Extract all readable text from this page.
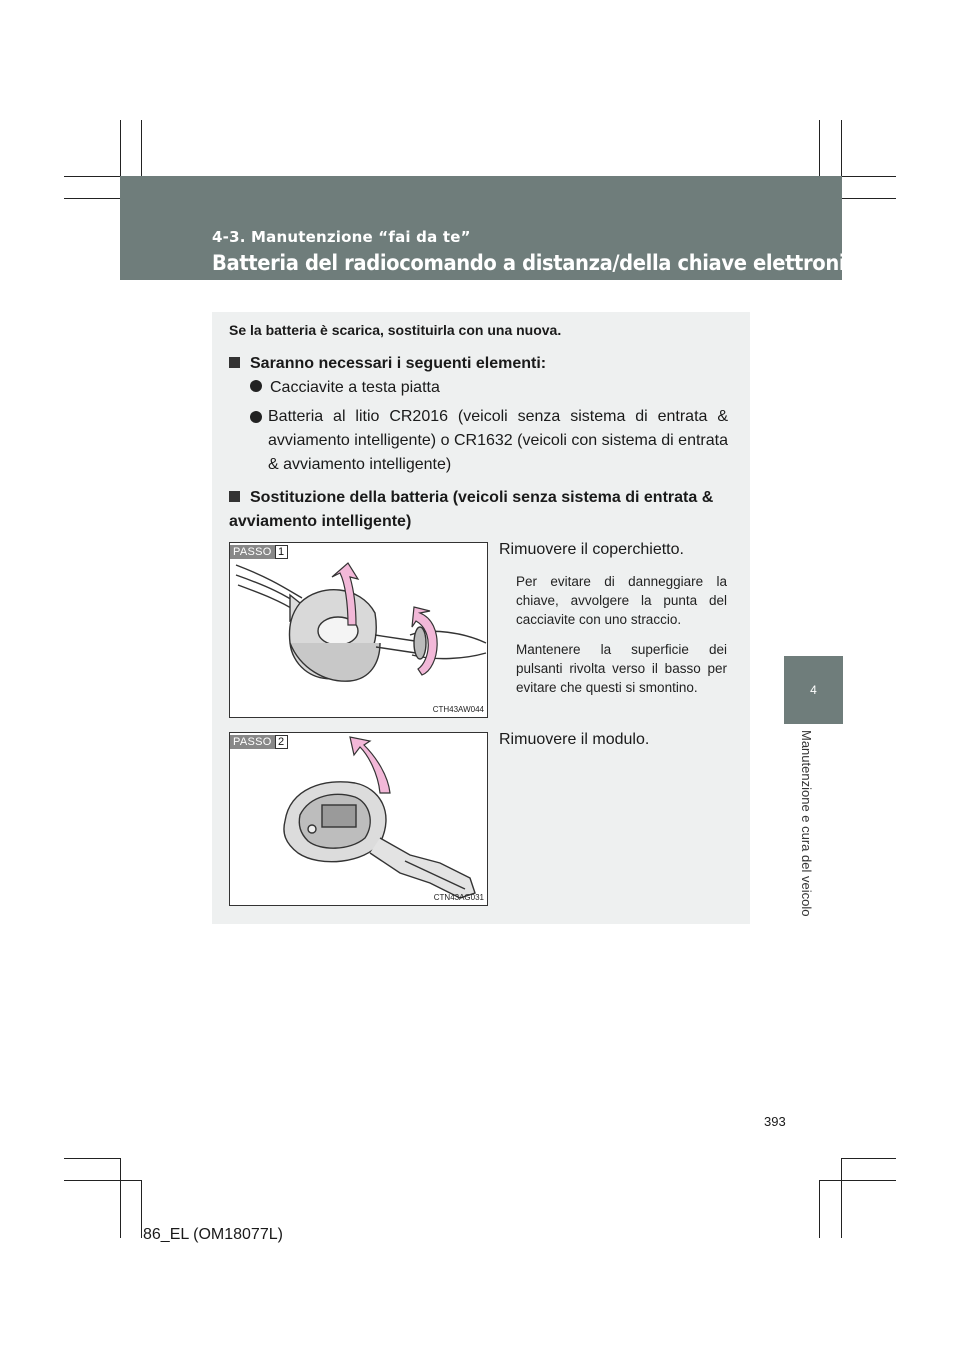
4-3. Manutenzione “fai da te”
Batteria del radiocomando a distanza/della chiave elettronica
4
Manutenzione e cura del veicolo
Se la batteria è scarica, sostituirla con una nuova.
Saranno necessari i seguenti elementi:
Cacciavite a testa piatta
Batteria al litio CR2016 (veicoli senza sistema di entrata & avviamento intelligente) o CR1632 (veicoli con sistema di entrata & avviamento intelligente)
Sostituzione della batteria (veicoli senza sistema di entrata & avviamento intelligente)
PASSO 1
CTH43AW044
Rimuovere il coperchietto.
Per evitare di danneggiare la chiave, avvolgere la punta del cacciavite con uno straccio.
Mantenere la superficie dei pulsanti rivolta verso il basso per evitare che questi si smontino.
PASSO 2
CTN43AG031
Rimuovere il modulo.
393
86_EL (OM18077L)
